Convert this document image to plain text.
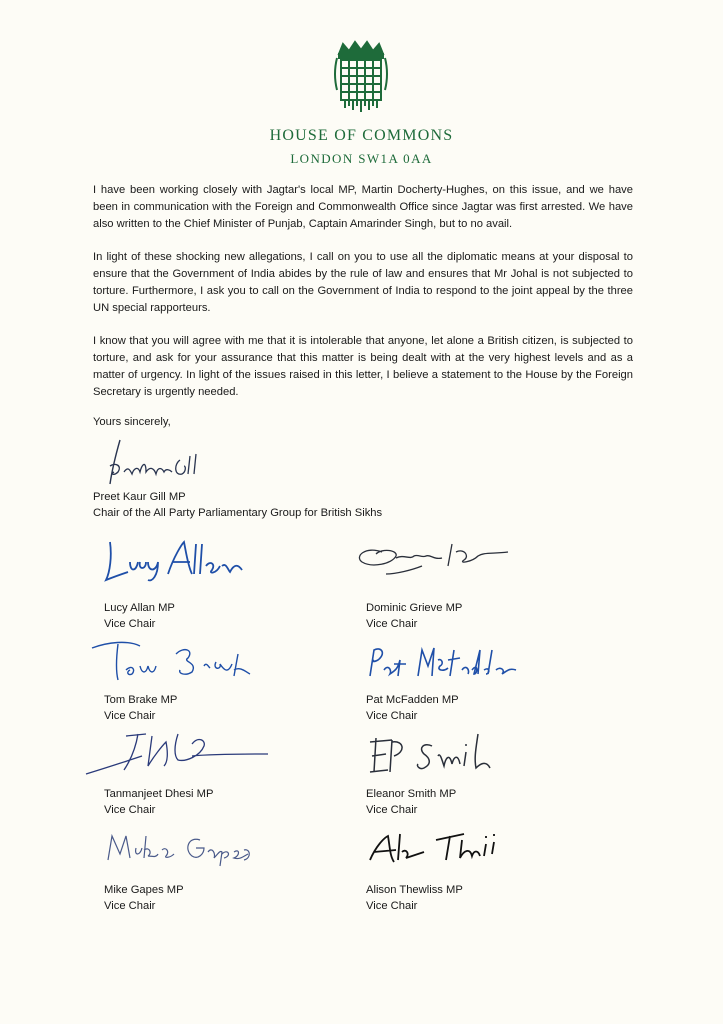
HOUSE OF COMMONS
LONDON SW1A 0AA

I have been working closely with Jagtar's local MP, Martin Docherty-Hughes, on this issue, and we have been in communication with the Foreign and Commonwealth Office since Jagtar was first arrested. We have also written to the Chief Minister of Punjab, Captain Amarinder Singh, but to no avail.

In light of these shocking new allegations, I call on you to use all the diplomatic means at your disposal to ensure that the Government of India abides by the rule of law and ensures that Mr Johal is not subjected to torture. Furthermore, I ask you to call on the Government of India to respond to the joint appeal by the three UN special rapporteurs.

I know that you will agree with me that it is intolerable that anyone, let alone a British citizen, is subjected to torture, and ask for your assurance that this matter is being dealt with at the very highest levels and as a matter of urgency. In light of the issues raised in this letter, I believe a statement to the House by the Foreign Secretary is urgently needed.

Yours sincerely,
Preet Kaur Gill MP
Chair of the All Party Parliamentary Group for British Sikhs
Lucy Allan MP
Vice Chair
Dominic Grieve MP
Vice Chair
Tom Brake MP
Vice Chair
Pat McFadden MP
Vice Chair
Tanmanjeet Dhesi MP
Vice Chair
Eleanor Smith MP
Vice Chair
Mike Gapes MP
Vice Chair
Alison Thewliss MP
Vice Chair
